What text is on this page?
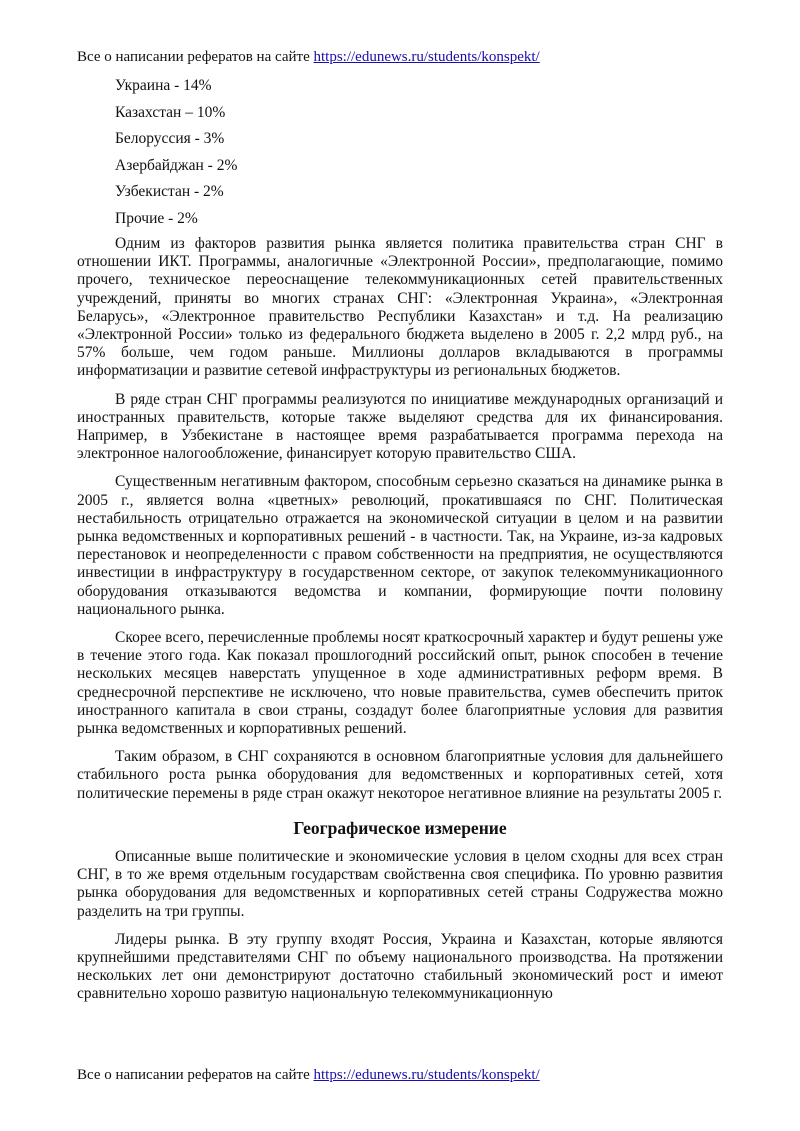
Все о написании рефератов на сайте https://edunews.ru/students/konspekt/
Украина - 14%
Казахстан – 10%
Белоруссия - 3%
Азербайджан - 2%
Узбекистан - 2%
Прочие - 2%

Одним из факторов развития рынка является политика правительства стран СНГ в отношении ИКТ. Программы, аналогичные «Электронной России», предполагающие, помимо прочего, техническое переоснащение телекоммуникационных сетей правительственных учреждений, приняты во многих странах СНГ: «Электронная Украина», «Электронная Беларусь», «Электронное правительство Республики Казахстан» и т.д. На реализацию «Электронной России» только из федерального бюджета выделено в 2005 г. 2,2 млрд руб., на 57% больше, чем годом раньше. Миллионы долларов вкладываются в программы информатизации и развитие сетевой инфраструктуры из региональных бюджетов.

В ряде стран СНГ программы реализуются по инициативе международных организаций и иностранных правительств, которые также выделяют средства для их финансирования. Например, в Узбекистане в настоящее время разрабатывается программа перехода на электронное налогообложение, финансирует которую правительство США.

Существенным негативным фактором, способным серьезно сказаться на динамике рынка в 2005 г., является волна «цветных» революций, прокатившаяся по СНГ. Политическая нестабильность отрицательно отражается на экономической ситуации в целом и на развитии рынка ведомственных и корпоративных решений - в частности. Так, на Украине, из-за кадровых перестановок и неопределенности с правом собственности на предприятия, не осуществляются инвестиции в инфраструктуру в государственном секторе, от закупок телекоммуникационного оборудования отказываются ведомства и компании, формирующие почти половину национального рынка.

Скорее всего, перечисленные проблемы носят краткосрочный характер и будут решены уже в течение этого года. Как показал прошлогодний российский опыт, рынок способен в течение нескольких месяцев наверстать упущенное в ходе административных реформ время. В среднесрочной перспективе не исключено, что новые правительства, сумев обеспечить приток иностранного капитала в свои страны, создадут более благоприятные условия для развития рынка ведомственных и корпоративных решений.

Таким образом, в СНГ сохраняются в основном благоприятные условия для дальнейшего стабильного роста рынка оборудования для ведомственных и корпоративных сетей, хотя политические перемены в ряде стран окажут некоторое негативное влияние на результаты 2005 г.

Географическое измерение

Описанные выше политические и экономические условия в целом сходны для всех стран СНГ, в то же время отдельным государствам свойственна своя специфика. По уровню развития рынка оборудования для ведомственных и корпоративных сетей страны Содружества можно разделить на три группы.

Лидеры рынка. В эту группу входят Россия, Украина и Казахстан, которые являются крупнейшими представителями СНГ по объему национального производства. На протяжении нескольких лет они демонстрируют достаточно стабильный экономический рост и имеют сравнительно хорошо развитую национальную телекоммуникационную

Все о написании рефератов на сайте https://edunews.ru/students/konspekt/
